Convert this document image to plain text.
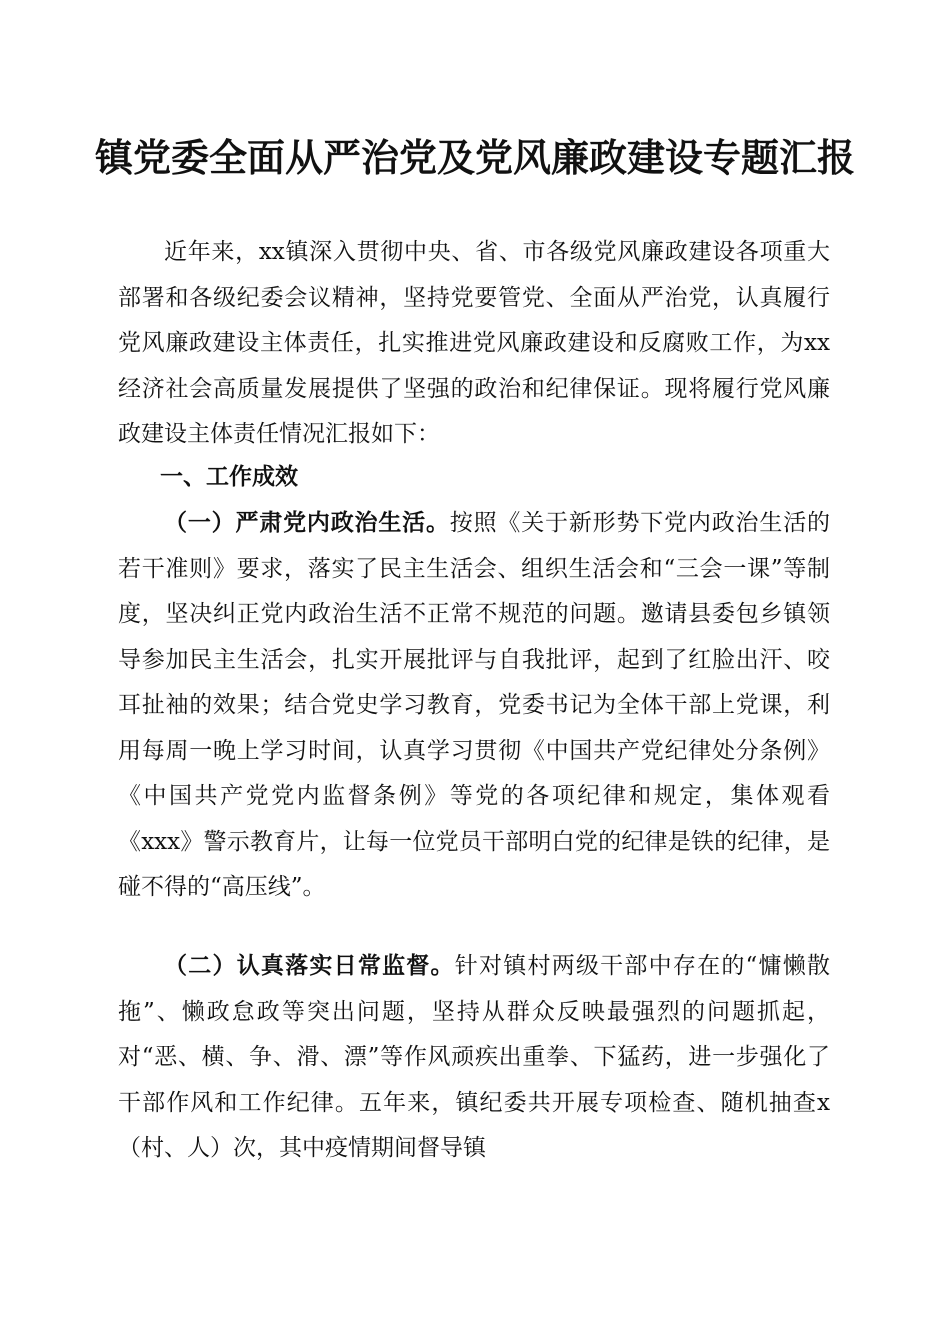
镇党委全面从严治党及党风廉政建设专题汇报

近年来，xx镇深入贯彻中央、省、市各级党风廉政建设各项重大部署和各级纪委会议精神，坚持党要管党、全面从严治党，认真履行党风廉政建设主体责任，扎实推进党风廉政建设和反腐败工作，为xx经济社会高质量发展提供了坚强的政治和纪律保证。现将履行党风廉政建设主体责任情况汇报如下：

一、工作成效

（一）严肃党内政治生活。按照《关于新形势下党内政治生活的若干准则》要求，落实了民主生活会、组织生活会和“三会一课”等制度，坚决纠正党内政治生活不正常不规范的问题。邀请县委包乡镇领导参加民主生活会，扎实开展批评与自我批评，起到了红脸出汗、咬耳扯袖的效果；结合党史学习教育，党委书记为全体干部上党课，利用每周一晚上学习时间，认真学习贯彻《中国共产党纪律处分条例》《中国共产党党内监督条例》等党的各项纪律和规定，集体观看《xxx》警示教育片，让每一位党员干部明白党的纪律是铁的纪律，是碰不得的“高压线”。

（二）认真落实日常监督。针对镇村两级干部中存在的“慵懒散拖”、懒政怠政等突出问题，坚持从群众反映最强烈的问题抓起，对“恶、横、争、滑、漂”等作风顽疾出重拳、下猛药，进一步强化了干部作风和工作纪律。五年来，镇纪委共开展专项检查、随机抽查x（村、人）次，其中疫情期间督导镇
